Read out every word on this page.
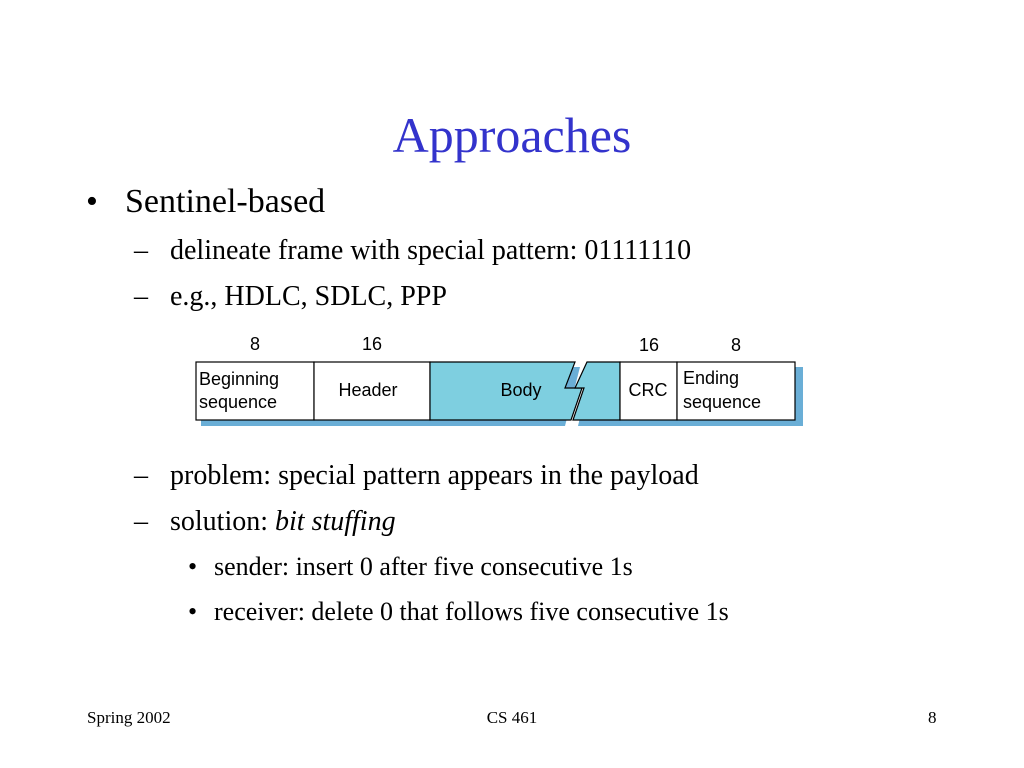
Approaches
• Sentinel-based
– delineate frame with special pattern: 01111110
– e.g., HDLC, SDLC, PPP
8	16	16	8
Beginning
sequence
Header	Body	CRC
Ending
sequence
– problem: special pattern appears in the payload
– solution: bit stuffing
• sender: insert 0 after five consecutive 1s
• receiver: delete 0 that follows five consecutive 1s
Spring 2002	CS 461	8
